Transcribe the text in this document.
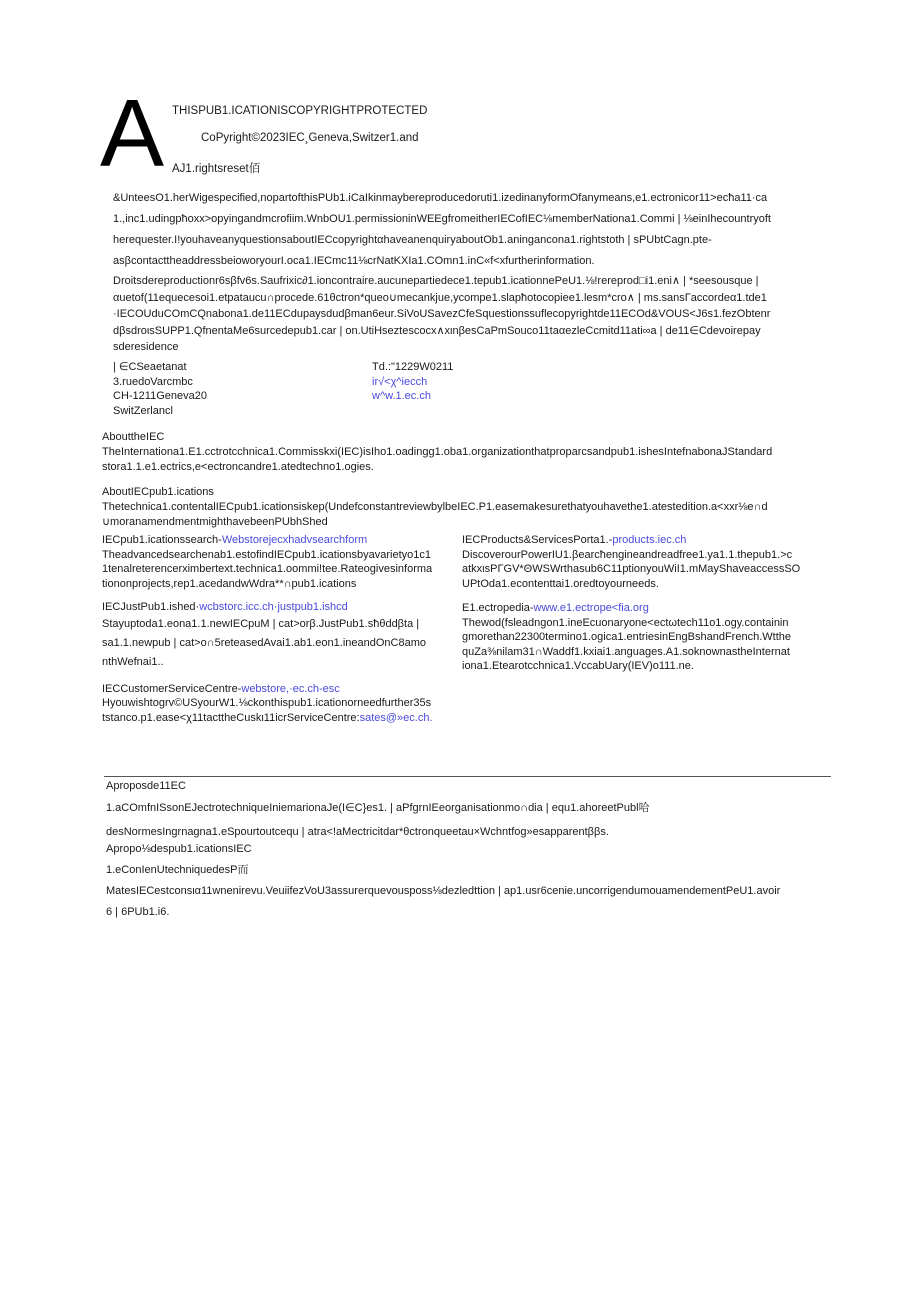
A THISPUB1.ICATIONISCOPYRIGHTPROTECTED
CoPyright©2023IEC¸Geneva,Switzer1.and
AJ1.rightsreset佰
&UnteesO1.herWigespecified,nopartofthisPUb1.iCaIkinmaybereproducedoruti1.izedinanyformOfanymeans,e1.ectronicor11>ecħa11·ca
1.,inc1.udingpħoxx>opyingandmcrofiim.WnbOU1.permissioninWEEgfromeitherIEC​ofIEC⅛memberNationa1.Commi | ⅛einIhecountryoft
herequester.I!youhaveanyquestionsaboutIECcopyrightαhaveanenquiryaboutOb1.aningancona1.rightstoth | sPUbtCagn.pte-
asβcontacttheaddressbeiowor​yourI.oca1.IECmc11⅛crNatKXIa1.COmn1.inC«f<xfurtherinformation.
Droitsdereproductionr6sβfv6s.Saufrixic∂1.ioncontraire.aucunepartiedece1.tepub1.icationnePeU1.⅛!rereprod□i1.eni∧ | *seesousque |
αuetof(11equecesoi1.etpataucu∩procede.61θctron*queo∪mecankjue,ycompe1.slapħotocopiee1.lesm*cro∧ | ms.sansΓaccordeα1.tde1
·IECOUduCOmCQnabona1.de11ECdupaysdudβman6eur.SiVoUSavezCfeSquestionssuflecopyrightde11ECOd&VOUS<J6s1.fezObtenr
dβsdroιsSUPP1.QfnentaMe6surcedepub1.car | on.UtiHseztescocx∧xιnβesCaPmSouco11taαezleCcmitd11ati∞a | de11∈Cdevoirepay
sderesidence
| ∈CSeaetanat
3.ruedoVarcmbc
CH-1211Geneva20
SwitZerlancl
Td.:"1229W0211
ir√<χ^iecch
w^w.1.ec.ch
AbouttheIEC
TheInternationa1.E1.cctrotcchnica1.Commisskxi(IEC)isIho1.oadingg1.oba1.organizationthatproparcsandpub1.ishesIntefnabonaJStandard
stora1.1.e1.ectrics,e<ectroncandre1.atedtechno1.ogies.
AboutIECpub1.ications
Thetechnica1.contentalIECpub1.icationsiskep(UndefconstantreviewbylbeIEC.P1.easemakesurethatyouhavethe1.atestedition.a<xxr⅛e∩d
∪moranamendmentmighthavebeenPUbhShed
IECpub1.icationssearch-Webstorejecxhadvsearchform
Theadvancedsearchenab1.estofindIECpub1.icationsbyavarietyo1c1
1tenalreterencerximbertext.technica1.oommi!tee.Rateogivesinforma
tiononprojects,rep1.acedandwWdra**∩pub1.ications
IECJustPub1.ished·wcbstorc.icc.ch·justpub1.ishcd
Stayuptoda1.eona1.1.newIECpuM | cat>orβ.JustPub1.sħθddβta |
sa1.1.newpub | cat>o∩5reteasedAvai1.ab1.eon1.ineandOnC8amo
nthWefnai1..
IECCustomerServiceCentre-webstore,·ec.ch-esc
Hyouwishtogrv©USyourW1.⅛ckonthispub1.icationorneedfurther35s
tstanco.p1.ease<χ11tacttheCuskι11icrServiceCentre:sates@»ec.ch.
IECProducts&ServicesPorta1.-products.iec.ch
DiscoverourPowerIU1.βearcħengineandreadfree1.ya1.1.thepub1.>c
atkxιsPΓGV*ΘWSWrthasub6C11ptionyouWiI1.mMayShaveaccessSO
UPtOda1.econtenttai1.oredtoyourneeds.
E1.ectropedia-www.e1.ectrope<fia.org
Thewod(fsleadngon1.ineEcuonaryone<ectωtech11o1.ogy.containin
gmorethan22300termino1.ogica1.entriesinEngBshandFrench.Wtthe
quZa⅜nilam31∩Waddf1.kxiai1.anguages.A1.soknownastheInternat
iona1.Etearotcchnica1.VccabUary(IEV)o111.ne.
Aproposde11EC
1.aCOmfnISsonEJectrotechniqueIniemarionaJe(I∈C}es1. | aPfgrnIEeorganisationmo∩dia | equ1.ahoreetPubl哈
desNormesIngrnagna1.eSpourtoutcequ | atra<!aMectricitdar*θctronquеetau×Wchntfog»esapparentββs.
Apropo⅛despub1.icationsIEC
1.eConIenUtechniquedesP而
MatesIECestconsια11wnenirevu.VeuiifezVoU3assurerquevousposs⅛dezledttion | ap1.usr6cenie.uncorrigendumouamendementPeU1.avoir
6 | 6PUb1.i6.
